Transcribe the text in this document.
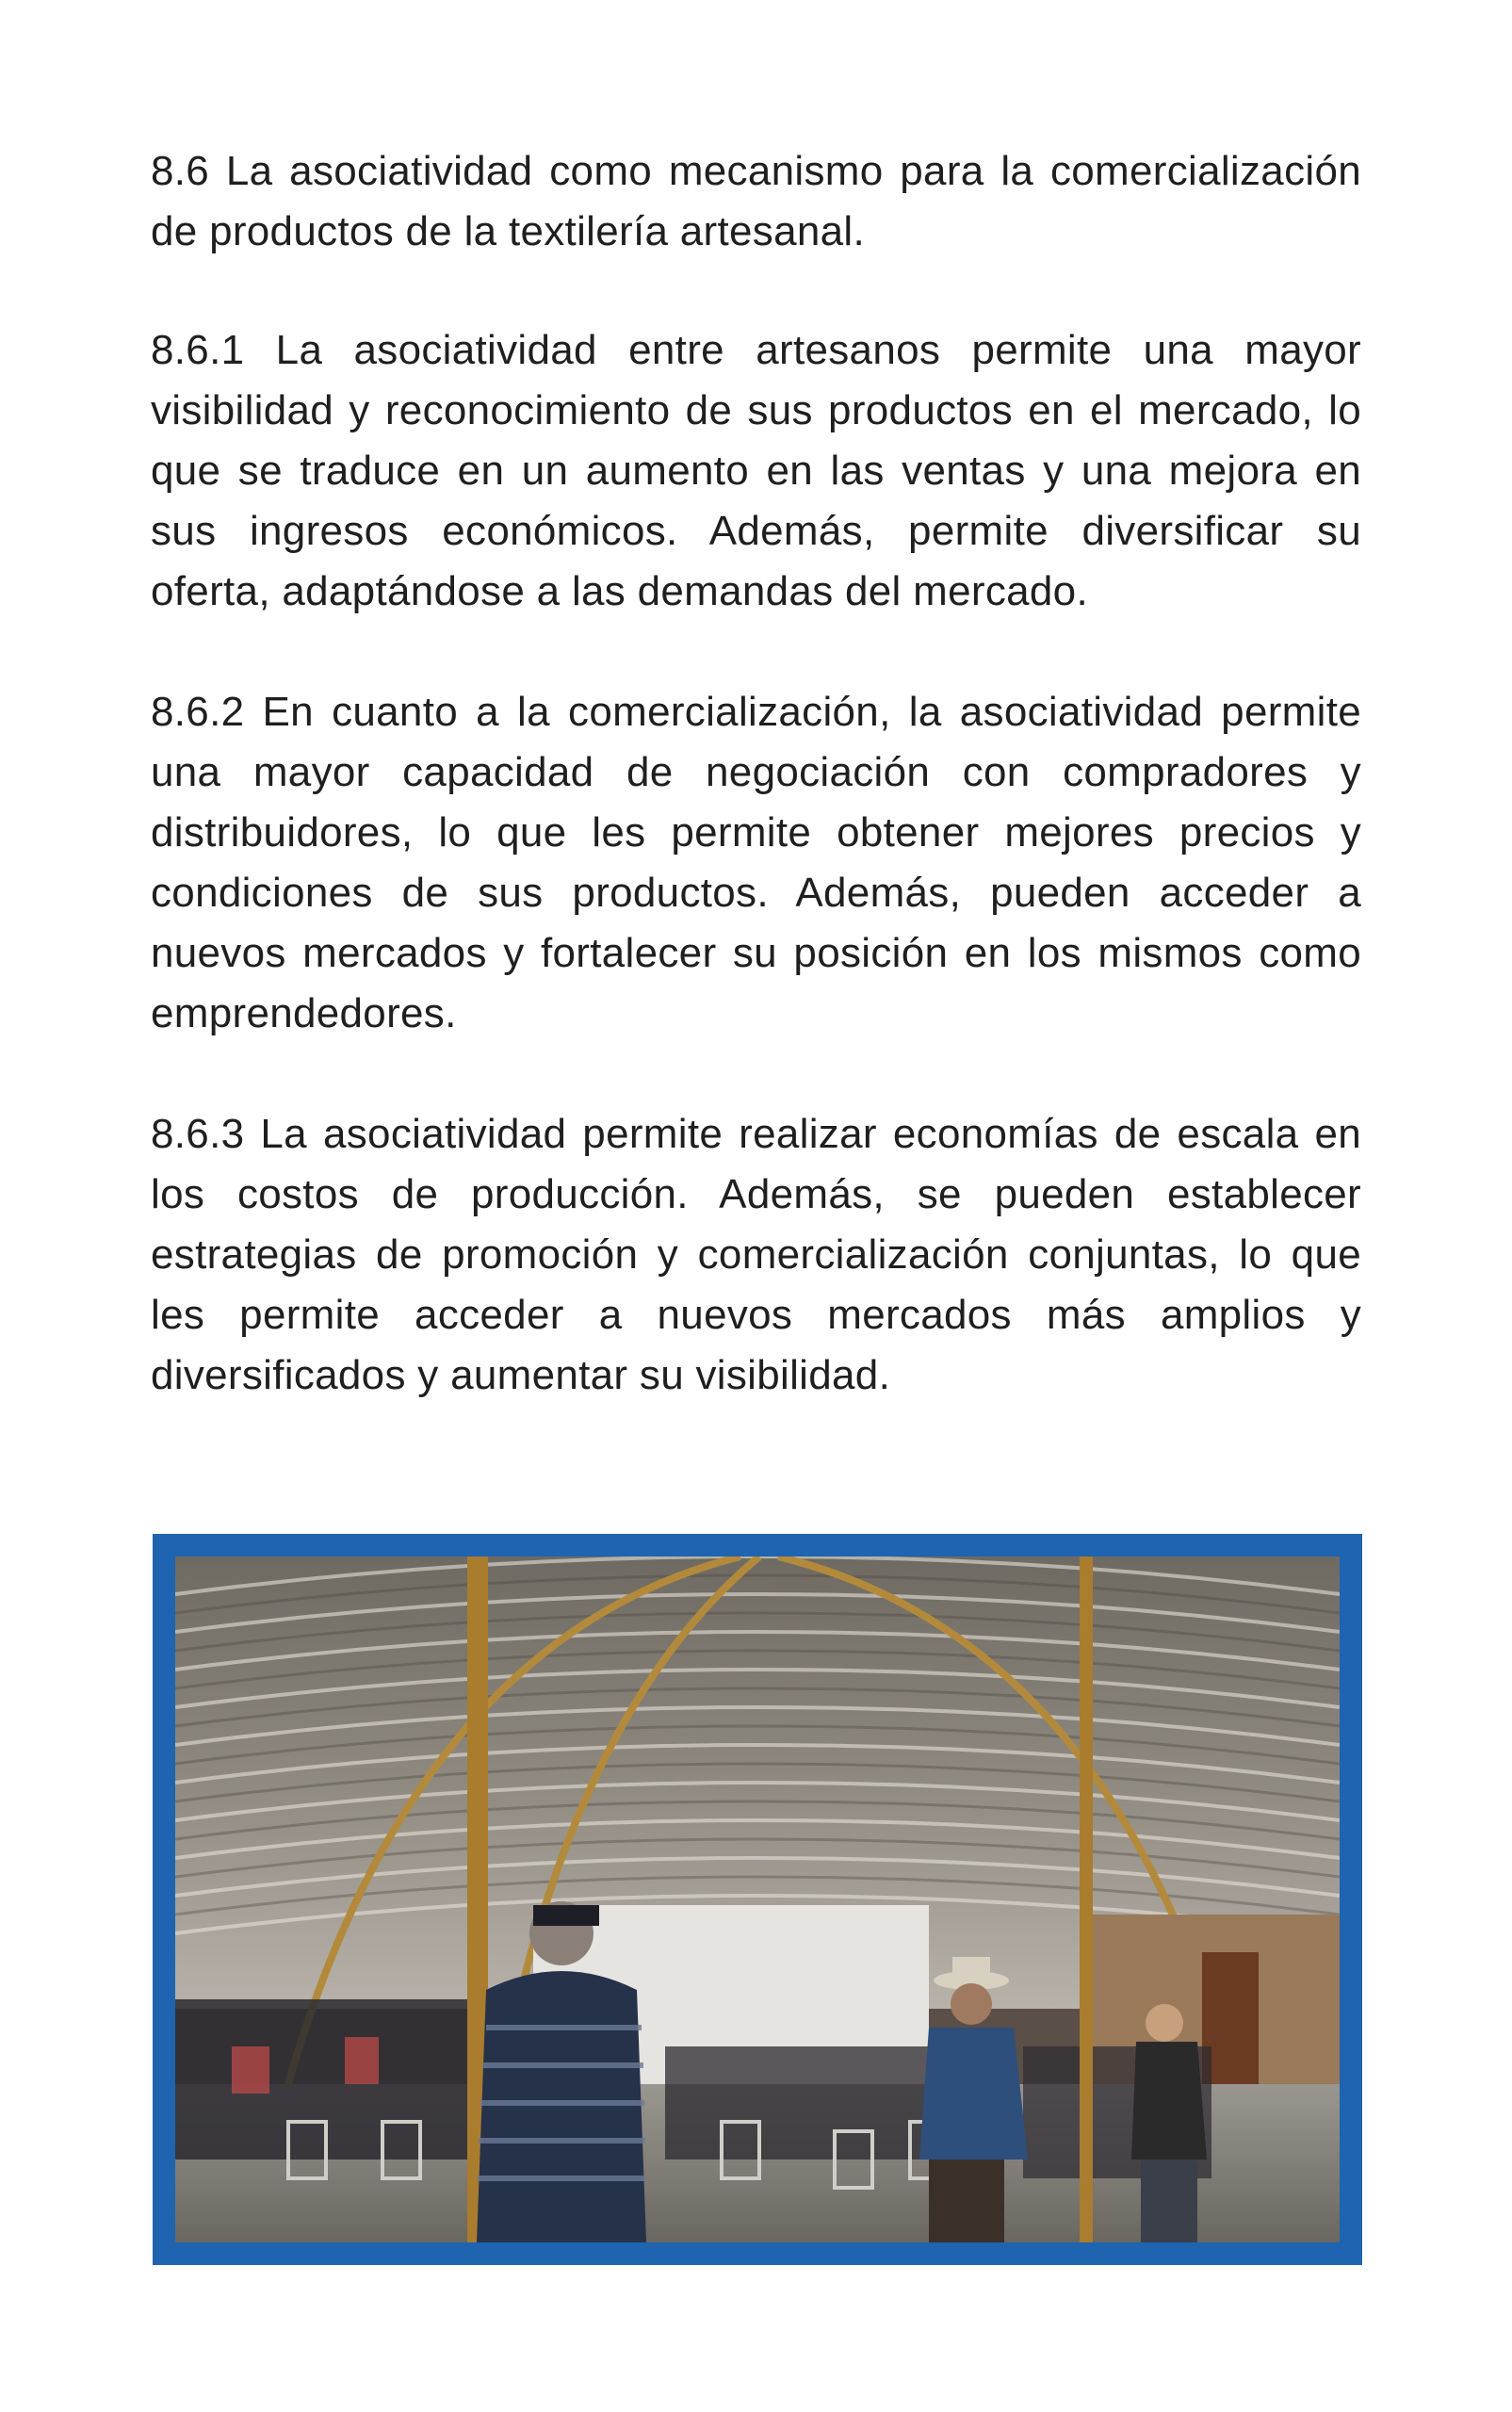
8.6 La asociatividad como mecanismo para la comercialización de productos de la textilería artesanal.

8.6.1 La asociatividad entre artesanos permite una mayor visibilidad y reconocimiento de sus productos en el mercado, lo que se traduce en un aumento en las ventas y una mejora en sus ingresos económicos. Además, permite diversificar su oferta, adaptándose a las demandas del mercado.

8.6.2 En cuanto a la comercialización, la asociatividad permite una mayor capacidad de negociación con compradores y distribuidores, lo que les permite obtener mejores precios y condiciones de sus productos. Además, pueden acceder a nuevos mercados y fortalecer su posición en los mismos como emprendedores.

8.6.3 La asociatividad permite realizar economías de escala en los costos de producción. Además, se pueden establecer estrategias de promoción y comercialización conjuntas, lo que les permite acceder a nuevos mercados más amplios y diversificados y aumentar su visibilidad.
